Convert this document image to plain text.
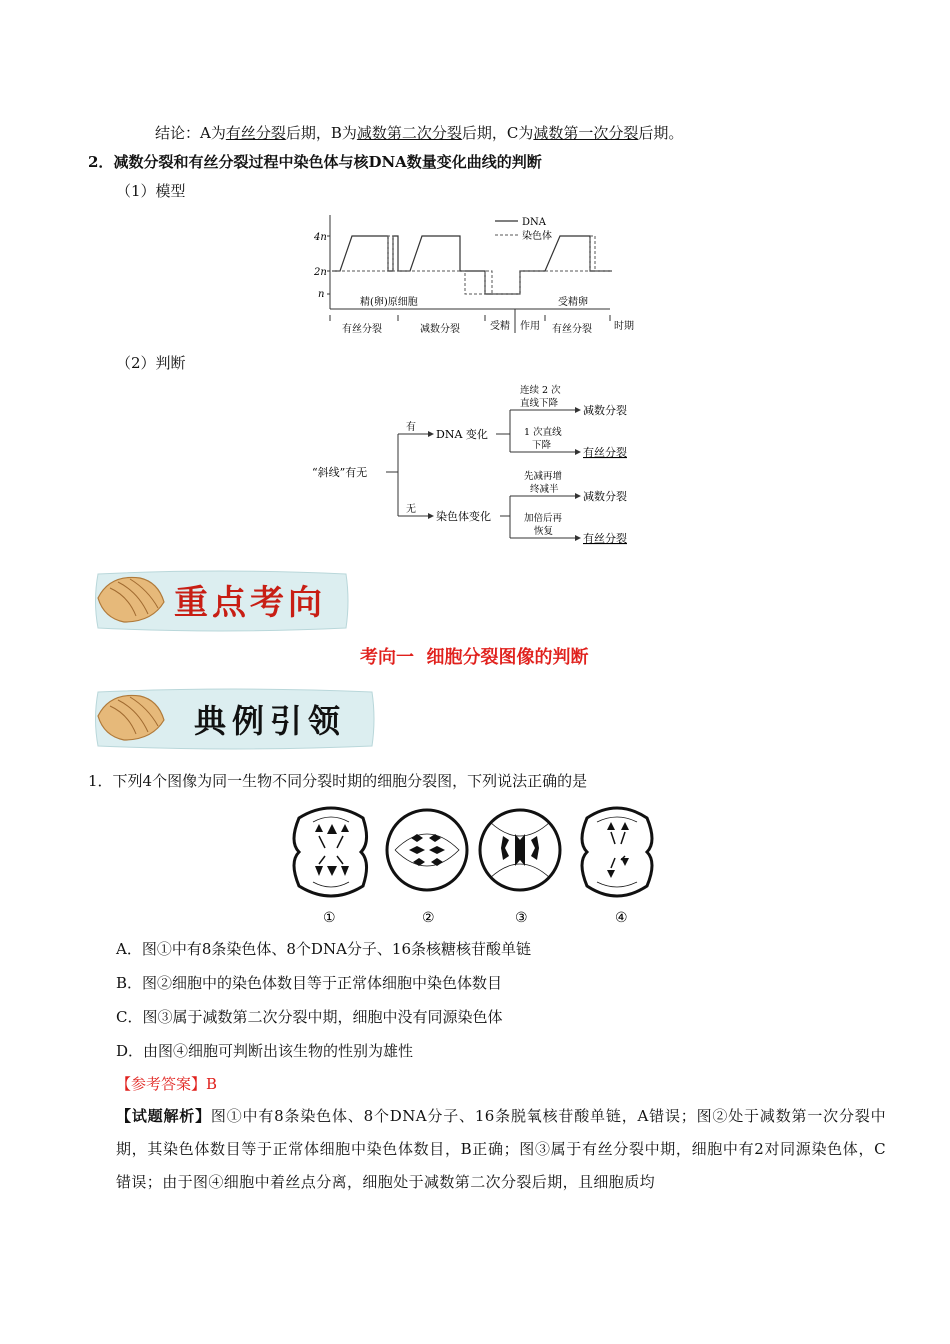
结论：A为有丝分裂后期，B为减数第二次分裂后期，C为减数第一次分裂后期。
2．减数分裂和有丝分裂过程中染色体与核DNA数量变化曲线的判断
（1）模型
4n
2n
n
DNA
染色体
精(卵)原细胞	受精卵
有丝分裂	减数分裂	受精 作用 有丝分裂 时期
（2）判断
“斜线”有无
有
无
DNA 变化
染色体变化
连续 2 次
直线下降
1 次直线
下降
先减再增
终减半
加倍后再
恢复
减数分裂
有丝分裂
减数分裂
有丝分裂
重点考向
考向一  细胞分裂图像的判断
典例引领
1．下列4个图像为同一生物不同分裂时期的细胞分裂图，下列说法正确的是
①	②	③	④
A．图①中有8条染色体、8个DNA分子、16条核糖核苷酸单链
B．图②细胞中的染色体数目等于正常体细胞中染色体数目
C．图③属于减数第二次分裂中期，细胞中没有同源染色体
D．由图④细胞可判断出该生物的性别为雄性
【参考答案】B
【试题解析】图①中有8条染色体、8个DNA分子、16条脱氧核苷酸单链，A错误；图②处于减数第一次分裂中期，其染色体数目等于正常体细胞中染色体数目，B正确；图③属于有丝分裂中期，细胞中有2对同源染色体，C错误；由于图④细胞中着丝点分离，细胞处于减数第二次分裂后期，且细胞质均
